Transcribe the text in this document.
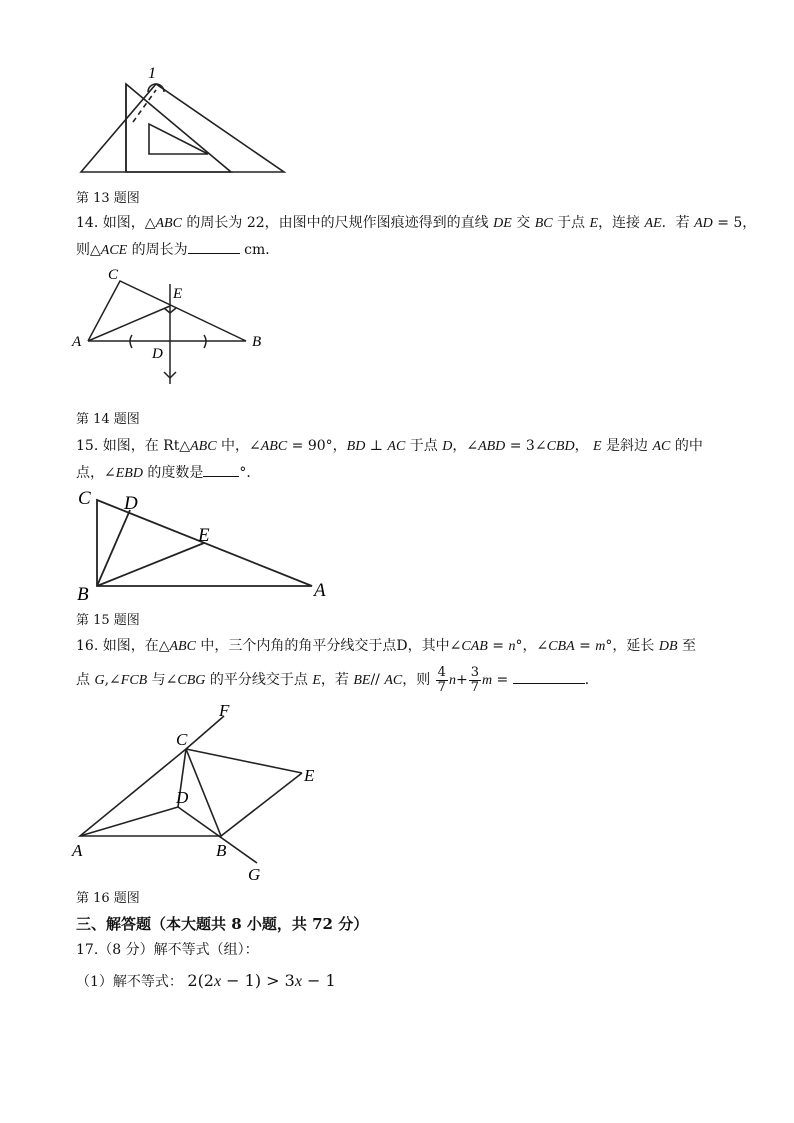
1
第 13 题图
14. 如图，△ABC 的周长为 22，由图中的尺规作图痕迹得到的直线 DE 交 BC 于点 E，连接 AE．若 AD = 5，
则△ACE 的周长为	cm．
C
E
A
D
B
第 14 题图
15. 如图，在 Rt△ABC 中，∠ABC = 90°，BD ⊥ AC 于点 D，∠ABD = 3∠CBD， E 是斜边 AC 的中
点，∠EBD 的度数是	°．
C D
E
B	A
第 15 题图
16. 如图，在△ABC 中，三个内角的角平分线交于点D，其中∠CAB = n°，∠CBA = m°，延长 DB 至
点 G,∠FCB 与∠CBG 的平分线交于点 E，若 BE// AC，则 $\frac{4}{7} n+ \frac{3}{7}$ m =	．
F
C
E
D
A	B
G
第 16 题图
三、解答题（本大题共 8 小题，共 72 分）
17.（8 分）解不等式（组）：
（1）解不等式： 2(2x − 1) > 3x − 1
